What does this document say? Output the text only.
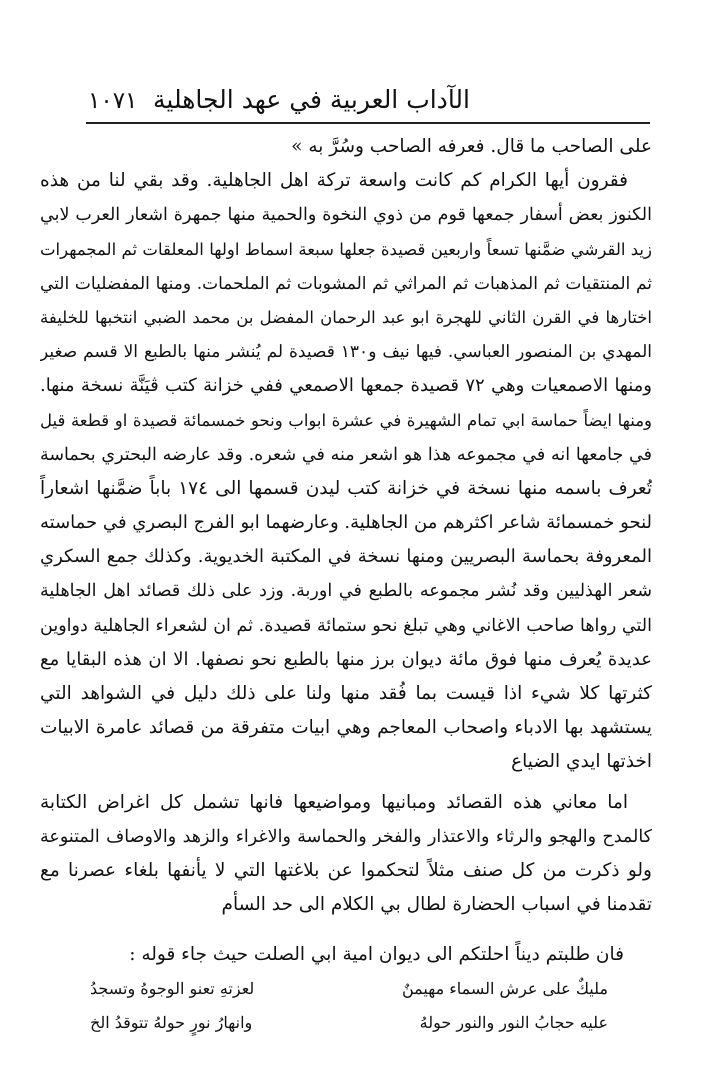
الآداب العربية في عهد الجاهلية
١٠٧١
على الصاحب ما قال. فعرفه الصاحب وسُرَّ به »
فقرون أيها الكرام كم كانت واسعة تركة اهل الجاهلية. وقد بقي لنا من هذه
الكنوز بعض أسفار جمعها قوم من ذوي النخوة والحمية منها جمهرة اشعار العرب لابي
زيد القرشي ضمَّنها تسعاً واربعين قصيدة جعلها سبعة اسماط اولها المعلقات ثم المجمهرات
ثم المنتقيات ثم المذهبات ثم المراثي ثم المشوبات ثم الملحمات. ومنها المفضليات التي
اختارها في القرن الثاني للهجرة ابو عبد الرحمان المفضل بن محمد الضبي انتخبها للخليفة
المهدي بن المنصور العباسي. فيها نيف و١٣٠ قصيدة لم يُنشر منها بالطبع الا قسم صغير
ومنها الاصمعيات وهي ٧٢ قصيدة جمعها الاصمعي ففي خزانة كتب ڤيَنَّة نسخة منها.
ومنها ايضاً حماسة ابي تمام الشهيرة في عشرة ابواب ونحو خمسمائة قصيدة او قطعة قيل
في جامعها انه في مجموعه هذا هو اشعر منه في شعره. وقد عارضه البحتري بحماسة
تُعرف باسمه منها نسخة في خزانة كتب ليدن قسمها الى ١٧٤ باباً ضمَّنها اشعاراً
لنحو خمسمائة شاعر اكثرهم من الجاهلية. وعارضهما ابو الفرج البصري في حماسته
المعروفة بحماسة البصريين ومنها نسخة في المكتبة الخديوية. وكذلك جمع السكري
شعر الهذليين وقد نُشر مجموعه بالطبع في اوربة. وزد على ذلك قصائد اهل الجاهلية
التي رواها صاحب الاغاني وهي تبلغ نحو ستمائة قصيدة. ثم ان لشعراء الجاهلية دواوين
عديدة يُعرف منها فوق مائة ديوان برز منها بالطبع نحو نصفها. الا ان هذه البقايا مع
كثرتها كلا شيء اذا قيست بما فُقد منها ولنا على ذلك دليل في الشواهد التي
يستشهد بها الادباء واصحاب المعاجم وهي ابيات متفرقة من قصائد عامرة الابيات
اخذتها ايدي الضياع
اما معاني هذه القصائد ومبانيها ومواضيعها فانها تشمل كل اغراض الكتابة
كالمدح والهجو والرثاء والاعتذار والفخر والحماسة والاغراء والزهد والاوصاف المتنوعة
ولو ذكرت من كل صنف مثلاً لتحكموا عن بلاغتها التي لا يأنفها بلغاء عصرنا مع
تقدمنا في اسباب الحضارة لطال بي الكلام الى حد السأم
فان طلبتم ديناً احلتكم الى ديوان امية ابي الصلت حيث جاء قوله :
مليكٌ على عرش السماء مهيمنٌ
لعزتهِ تعنو الوجوهُ وتسجدُ
عليه حجابُ النور والنور حولهُ
وانهارُ نورٍ حولهُ تتوقدُ الخ
